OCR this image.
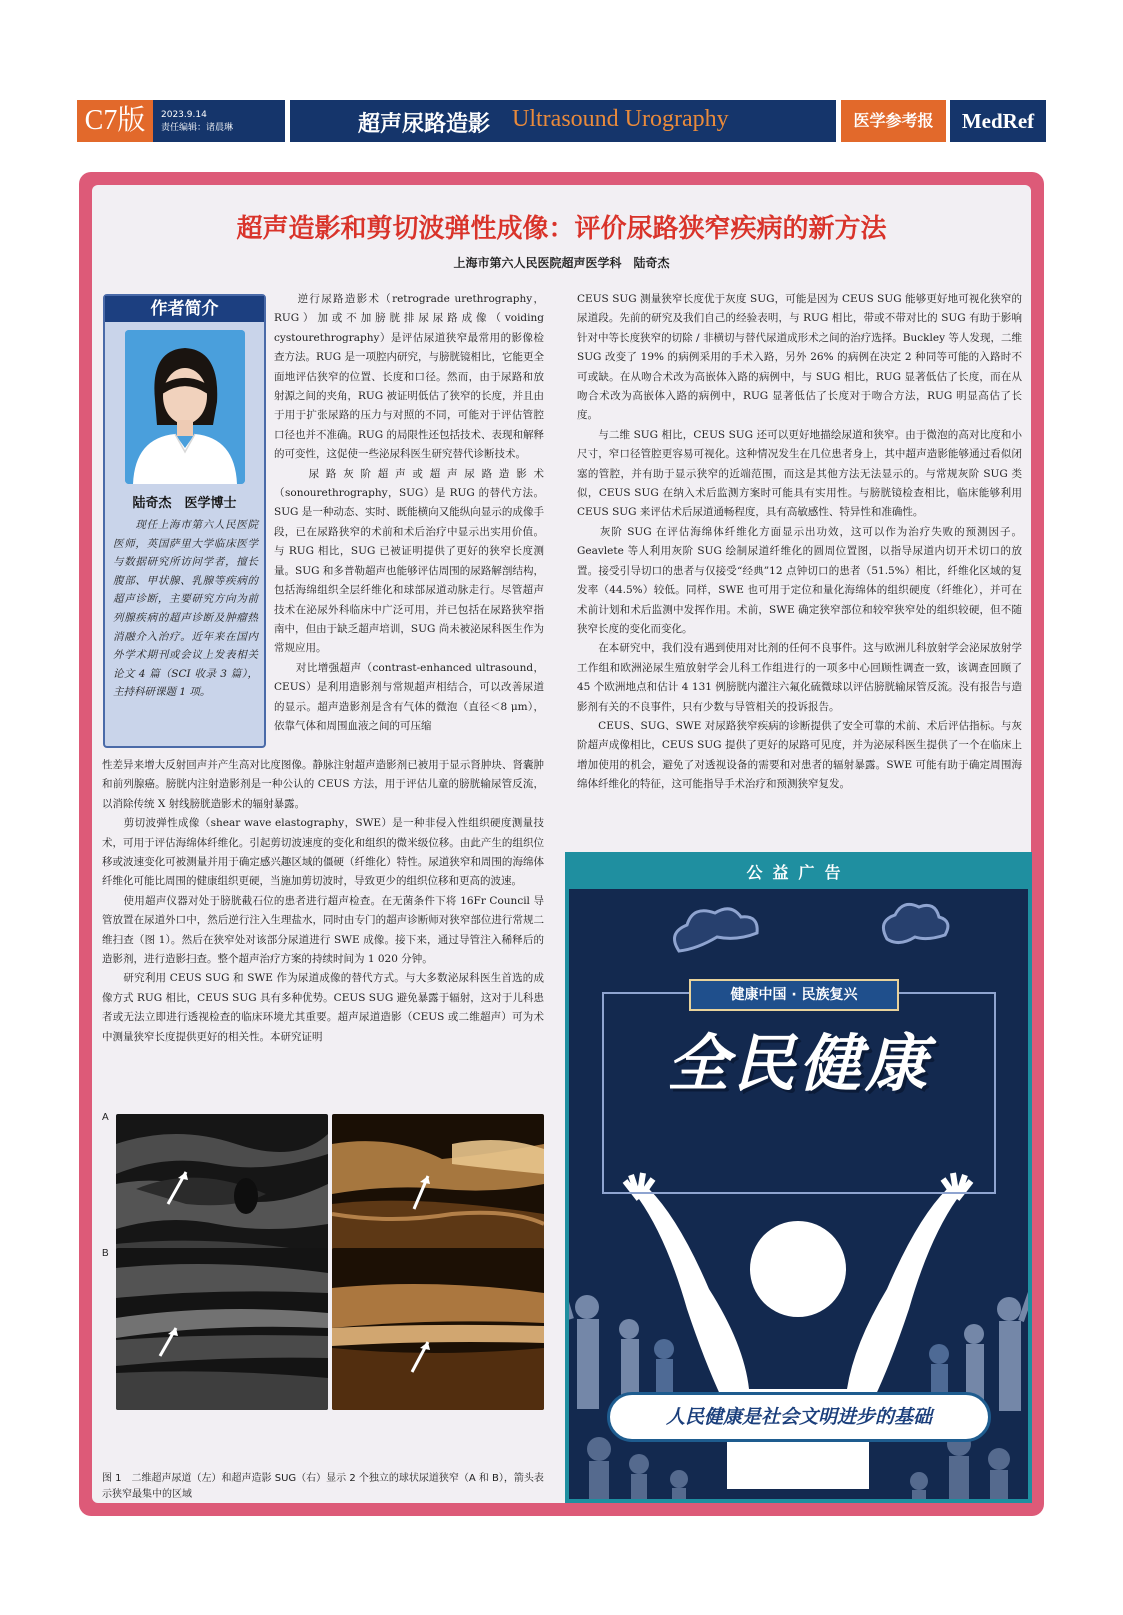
C7版	2023.9.14
责任编辑：诸晨琳	超声尿路造影 Ultrasound Urography	医学参考报	MedRef
超声造影和剪切波弹性成像：评价尿路狭窄疾病的新方法
上海市第六人民医院超声医学科　陆奇杰
作者简介
陆奇杰　医学博士
　　现任上海市第六人民医院医师，英国萨里大学临床医学与数据研究所访问学者，擅长腹部、甲状腺、乳腺等疾病的超声诊断，主要研究方向为前列腺疾病的超声诊断及肿瘤热消融介入治疗。近年来在国内外学术期刊或会议上发表相关论文 4 篇（SCI 收录 3 篇），主持科研课题 1 项。
　　逆行尿路造影术（retrograde urethrography，RUG）加或不加膀胱排尿尿路成像（voiding cystourethrography）是评估尿道狭窄最常用的影像检查方法。RUG 是一项腔内研究，与膀胱镜相比，它能更全面地评估狭窄的位置、长度和口径。然而，由于尿路和放射源之间的夹角，RUG 被证明低估了狭窄的长度，并且由于用于扩张尿路的压力与对照的不同，可能对于评估管腔口径也并不准确。RUG 的局限性还包括技术、表现和解释的可变性，这促使一些泌尿科医生研究替代诊断技术。
　　尿路灰阶超声或超声尿路造影术（sonourethrography，SUG）是 RUG 的替代方法。SUG 是一种动态、实时、既能横向又能纵向显示的成像手段，已在尿路狭窄的术前和术后治疗中显示出实用价值。与 RUG 相比，SUG 已被证明提供了更好的狭窄长度测量。SUG 和多普勒超声也能够评估周围的尿路解剖结构，包括海绵组织全层纤维化和球部尿道动脉走行。尽管超声技术在泌尿外科临床中广泛可用，并已包括在尿路狭窄指南中，但由于缺乏超声培训，SUG 尚未被泌尿科医生作为常规应用。
　　对比增强超声（contrast-enhanced ultrasound，CEUS）是利用造影剂与常规超声相结合，可以改善尿道的显示。超声造影剂是含有气体的微泡（直径＜8 μm），依靠气体和周围血液之间的可压缩
性差异来增大反射回声并产生高对比度图像。静脉注射超声造影剂已被用于显示肾肿块、肾囊肿和前列腺癌。膀胱内注射造影剂是一种公认的 CEUS 方法，用于评估儿童的膀胱输尿管反流，以消除传统 X 射线膀胱造影术的辐射暴露。
　　剪切波弹性成像（shear wave elastography，SWE）是一种非侵入性组织硬度测量技术，可用于评估海绵体纤维化。引起剪切波速度的变化和组织的微米级位移。由此产生的组织位移或波速变化可被测量并用于确定感兴趣区域的僵硬（纤维化）特性。尿道狭窄和周围的海绵体纤维化可能比周围的健康组织更硬，当施加剪切波时，导致更少的组织位移和更高的波速。
　　使用超声仪器对处于膀胱截石位的患者进行超声检查。在无菌条件下将 16Fr Council 导管放置在尿道外口中，然后逆行注入生理盐水，同时由专门的超声诊断师对狭窄部位进行常规二维扫查（图 1）。然后在狭窄处对该部分尿道进行 SWE 成像。接下来，通过导管注入稀释后的造影剂，进行造影扫查。整个超声治疗方案的持续时间为 1 020 分钟。
　　研究利用 CEUS SUG 和 SWE 作为尿道成像的替代方式。与大多数泌尿科医生首选的成像方式 RUG 相比，CEUS SUG 具有多种优势。CEUS SUG 避免暴露于辐射，这对于儿科患者或无法立即进行透视检查的临床环境尤其重要。超声尿道造影（CEUS 或二维超声）可为术中测量狭窄长度提供更好的相关性。本研究证明
CEUS SUG 测量狭窄长度优于灰度 SUG，可能是因为 CEUS SUG 能够更好地可视化狭窄的尿道段。先前的研究及我们自己的经验表明，与 RUG 相比，带或不带对比的 SUG 有助于影响针对中等长度狭窄的切除 / 非横切与替代尿道成形术之间的治疗选择。Buckley 等人发现，二维 SUG 改变了 19% 的病例采用的手术入路，另外 26% 的病例在决定 2 种同等可能的入路时不可或缺。在从吻合术改为高嵌体入路的病例中，与 SUG 相比，RUG 显著低估了长度，而在从吻合术改为高嵌体入路的病例中，RUG 显著低估了长度对于吻合方法，RUG 明显高估了长度。
　　与二维 SUG 相比，CEUS SUG 还可以更好地描绘尿道和狭窄。由于微泡的高对比度和小尺寸，窄口径管腔更容易可视化。这种情况发生在几位患者身上，其中超声造影能够通过看似闭塞的管腔，并有助于显示狭窄的近端范围，而这是其他方法无法显示的。与常规灰阶 SUG 类似，CEUS SUG 在纳入术后监测方案时可能具有实用性。与膀胱镜检查相比，临床能够利用 CEUS SUG 来评估术后尿道通畅程度，具有高敏感性、特异性和准确性。
　　灰阶 SUG 在评估海绵体纤维化方面显示出功效，这可以作为治疗失败的预测因子。Geavlete 等人利用灰阶 SUG 绘制尿道纤维化的圆周位置图，以指导尿道内切开术切口的放置。接受引导切口的患者与仅接受“经典”12 点钟切口的患者（51.5%）相比，纤维化区域的复发率（44.5%）较低。同样，SWE 也可用于定位和量化海绵体的组织硬度（纤维化），并可在术前计划和术后监测中发挥作用。术前，SWE 确定狭窄部位和较窄狭窄处的组织较硬，但不随狭窄长度的变化而变化。
　　在本研究中，我们没有遇到使用对比剂的任何不良事件。这与欧洲儿科放射学会泌尿放射学工作组和欧洲泌尿生殖放射学会儿科工作组进行的一项多中心回顾性调查一致，该调查回顾了 45 个欧洲地点和估计 4 131 例膀胱内灌注六氟化硫微球以评估膀胱输尿管反流。没有报告与造影剂有关的不良事件，只有少数与导管相关的投诉报告。
　　CEUS、SUG、SWE 对尿路狭窄疾病的诊断提供了安全可靠的术前、术后评估指标。与灰阶超声成像相比，CEUS SUG 提供了更好的尿路可见度，并为泌尿科医生提供了一个在临床上增加使用的机会，避免了对透视设备的需要和对患者的辐射暴露。SWE 可能有助于确定周围海绵体纤维化的特征，这可能指导手术治疗和预测狭窄复发。
A
B
图 1　二维超声尿道（左）和超声造影 SUG（右）显示 2 个独立的球状尿道狭窄（A 和 B），箭头表示狭窄最集中的区域
公益广告
健康中国 · 民族复兴
全民健康
人民健康是社会文明进步的基础
制作单位：医学参考报
